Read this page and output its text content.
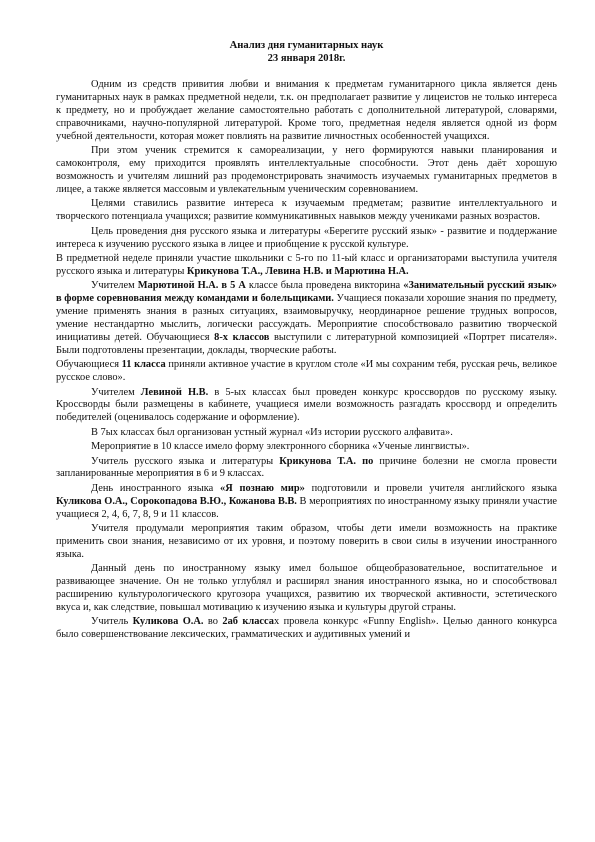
Анализ дня гуманитарных наук
23 января 2018г.

Одним из средств привития любви и внимания к предметам гуманитарного цикла является день гуманитарных наук в рамках предметной недели, т.к. он предполагает развитие у лицеистов не только интереса к предмету, но и пробуждает желание самостоятельно работать с дополнительной литературой, словарями, справочниками, научно-популярной литературой. Кроме того, предметная неделя является одной из форм учебной деятельности, которая может повлиять на развитие личностных особенностей учащихся.

При этом ученик стремится к самореализации, у него формируются навыки планирования и самоконтроля, ему приходится проявлять интеллектуальные способности. Этот день даёт хорошую возможность и учителям лишний раз продемонстрировать значимость изучаемых гуманитарных предметов в лицее, а также является массовым и увлекательным ученическим соревнованием.

Целями ставились развитие интереса к изучаемым предметам; развитие интеллектуального и творческого потенциала учащихся; развитие коммуникативных навыков между учениками разных возрастов.

Цель проведения дня русского языка и литературы «Берегите русский язык» - развитие и поддержание интереса к изучению русского языка в лицее и приобщение к русской культуре.

В предметной неделе приняли участие школьники с 5-го по 11-ый класс и организаторами выступила учителя русского языка и литературы Крикунова Т.А., Левина Н.В. и Марютина Н.А.

Учителем Марютиной Н.А. в 5 А классе была проведена викторина «Занимательный русский язык» в форме соревнования между командами и болельщиками. Учащиеся показали хорошие знания по предмету, умение применять знания в разных ситуациях, взаимовыручку, неординарное решение трудных вопросов, умение нестандартно мыслить, логически рассуждать. Мероприятие способствовало развитию творческой инициативы детей. Обучающиеся 8-х классов выступили с литературной композицией «Портрет писателя». Были подготовлены презентации, доклады, творческие работы.

Обучающиеся 11 класса приняли активное участие в круглом столе «И мы сохраним тебя, русская речь, великое русское слово».

Учителем Левиной Н.В. в 5-ых классах был проведен конкурс кроссвордов по русскому языку. Кроссворды были размещены в кабинете, учащиеся имели возможность разгадать кроссворд и определить победителей (оценивалось содержание и оформление).

В 7ых классах был организован устный журнал «Из истории русского алфавита».

Мероприятие в 10 классе имело форму электронного сборника «Ученые лингвисты».

Учитель русского языка и литературы Крикунова Т.А. по причине болезни не смогла провести запланированные мероприятия в 6 и 9 классах.

День иностранного языка «Я познаю мир» подготовили и провели учителя английского языка Куликова О.А., Сорокопадова В.Ю., Кожанова В.В. В мероприятиях по иностранному языку приняли участие учащиеся 2, 4, 6, 7, 8, 9 и 11 классов.

Учителя продумали мероприятия таким образом, чтобы дети имели возможность на практике применить свои знания, независимо от их уровня, и поэтому поверить в свои силы в изучении иностранного языка.

Данный день по иностранному языку имел большое общеобразовательное, воспитательное и развивающее значение. Он не только углублял и расширял знания иностранного языка, но и способствовал расширению культурологического кругозора учащихся, развитию их творческой активности, эстетического вкуса и, как следствие, повышал мотивацию к изучению языка и культуры другой страны.

Учитель Куликова О.А. во 2аб классах провела конкурс «Funny English». Целью данного конкурса было совершенствование лексических, грамматических и аудитивных умений и
